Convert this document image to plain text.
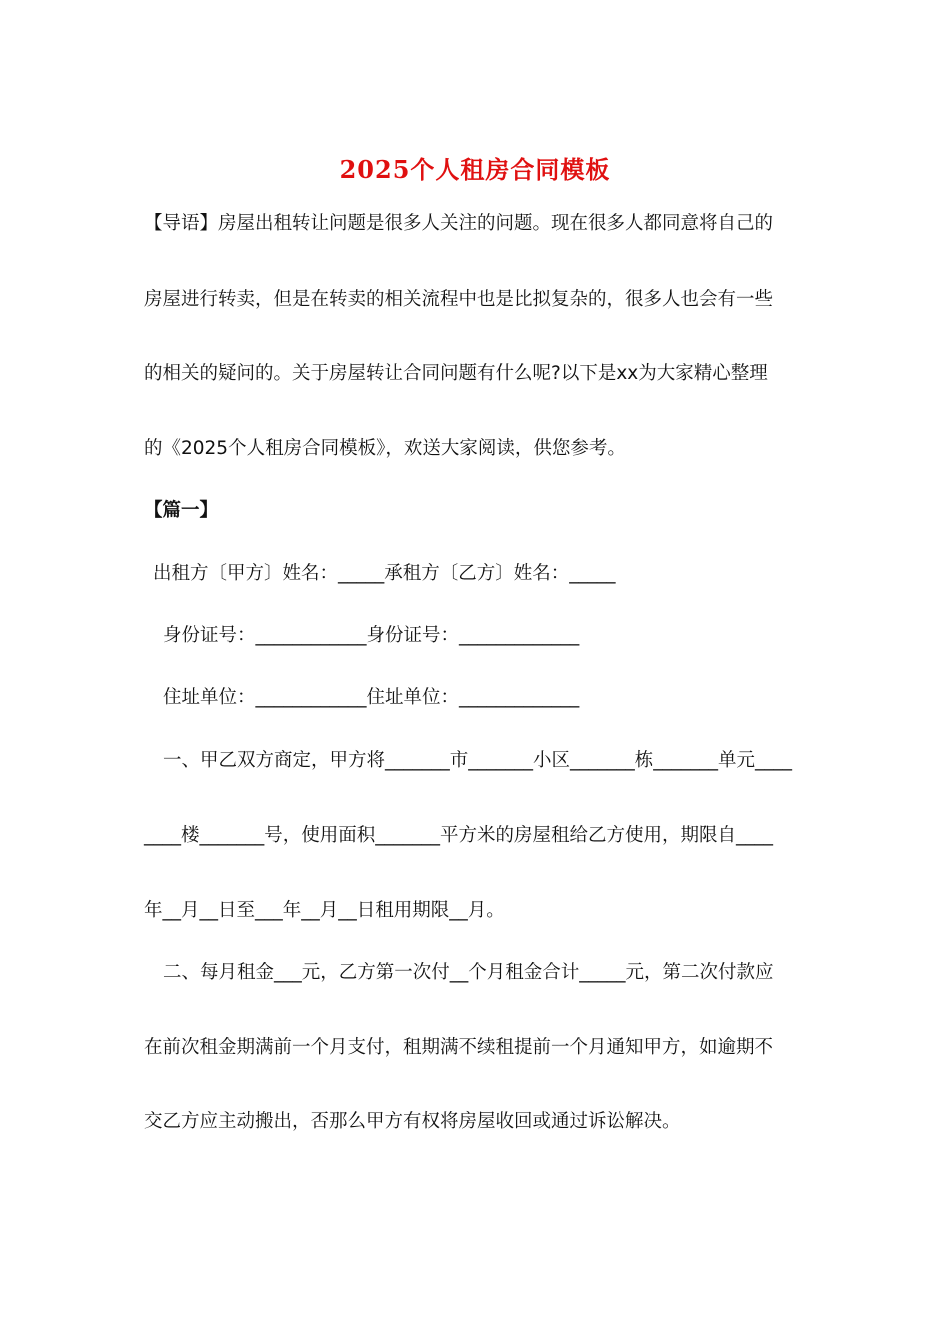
2025个人租房合同模板
【导语】房屋出租转让问题是很多人关注的问题。现在很多人都同意将自己的
房屋进行转卖，但是在转卖的相关流程中也是比拟复杂的，很多人也会有一些
的相关的疑问的。关于房屋转让合同问题有什么呢?以下是xx为大家精心整理
的《2025个人租房合同模板》，欢送大家阅读，供您参考。
【篇一】
出租方〔甲方〕姓名：_____承租方〔乙方〕姓名：_____
身份证号：____________身份证号：_____________
住址单位：____________住址单位：_____________
一、甲乙双方商定，甲方将_______市_______小区_______栋_______单元____
____楼_______号，使用面积_______平方米的房屋租给乙方使用，期限自____
年__月__日至___年__月__日租用期限__月。
二、每月租金___元，乙方第一次付__个月租金合计_____元，第二次付款应
在前次租金期满前一个月支付，租期满不续租提前一个月通知甲方，如逾期不
交乙方应主动搬出，否那么甲方有权将房屋收回或通过诉讼解决。
